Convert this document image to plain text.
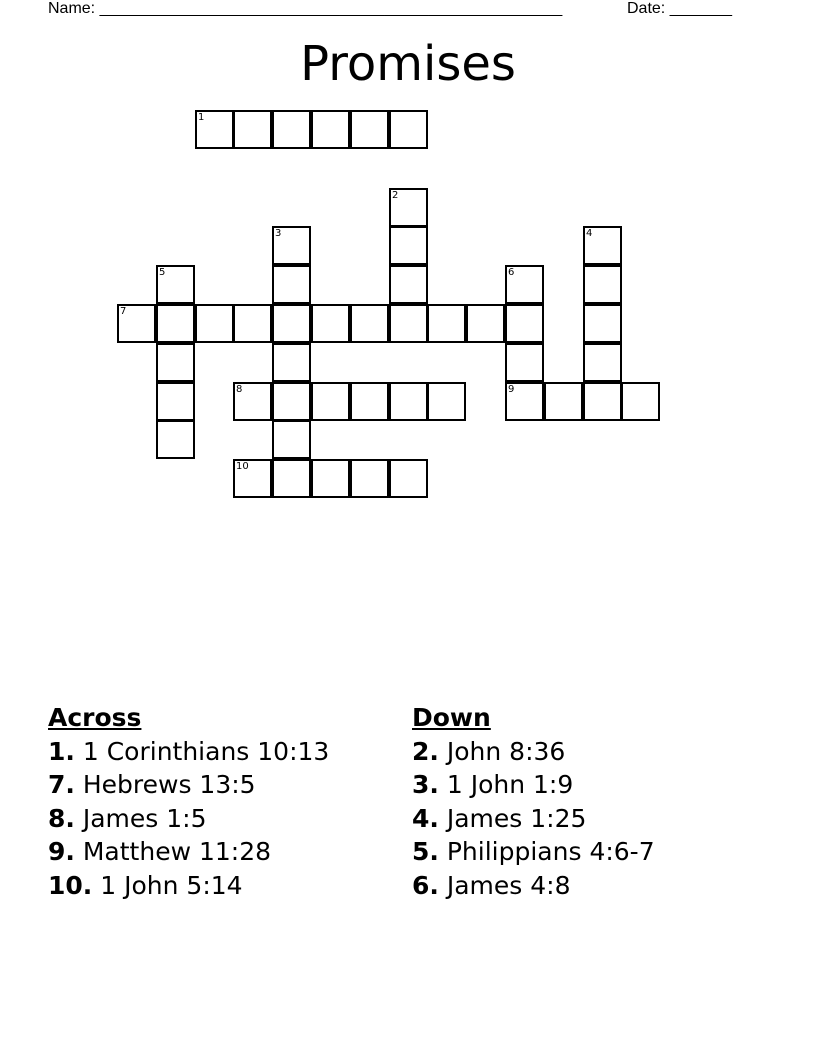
Name: ____________________________________________________	Date: _______
Promises
1
2
3	4
5	6
7
8	9
10
Across
1. 1 Corinthians 10:13
7. Hebrews 13:5
8. James 1:5
9. Matthew 11:28
10. 1 John 5:14
Down
2. John 8:36
3. 1 John 1:9
4. James 1:25
5. Philippians 4:6-7
6. James 4:8
